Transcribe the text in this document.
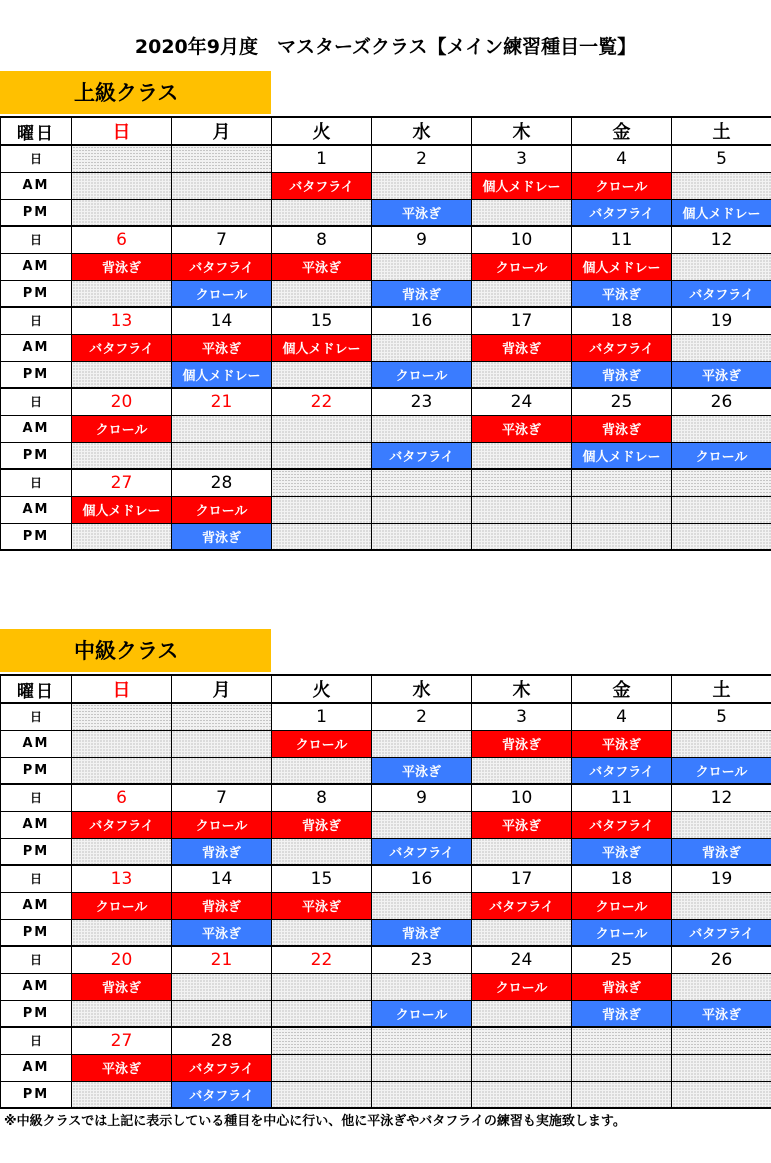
2020年9月度　マスターズクラス【メイン練習種目一覧】
上級クラス
曜日	日	月	火	水	木	金	土
日			1	2	3	4	5
AM			バタフライ		個人メドレー	クロール	
PM				平泳ぎ		バタフライ	個人メドレー
日	6	7	8	9	10	11	12
AM	背泳ぎ	バタフライ	平泳ぎ		クロール	個人メドレー	
PM		クロール		背泳ぎ		平泳ぎ	バタフライ
日	13	14	15	16	17	18	19
AM	バタフライ	平泳ぎ	個人メドレー		背泳ぎ	バタフライ	
PM		個人メドレー		クロール		背泳ぎ	平泳ぎ
日	20	21	22	23	24	25	26
AM	クロール				平泳ぎ	背泳ぎ	
PM				バタフライ		個人メドレー	クロール
日	27	28					
AM	個人メドレー	クロール					
PM		背泳ぎ					
中級クラス
曜日	日	月	火	水	木	金	土
日			1	2	3	4	5
AM			クロール		背泳ぎ	平泳ぎ	
PM				平泳ぎ		バタフライ	クロール
日	6	7	8	9	10	11	12
AM	バタフライ	クロール	背泳ぎ		平泳ぎ	バタフライ	
PM		背泳ぎ		バタフライ		平泳ぎ	背泳ぎ
日	13	14	15	16	17	18	19
AM	クロール	背泳ぎ	平泳ぎ		バタフライ	クロール	
PM		平泳ぎ		背泳ぎ		クロール	バタフライ
日	20	21	22	23	24	25	26
AM	背泳ぎ				クロール	背泳ぎ	
PM				クロール		背泳ぎ	平泳ぎ
日	27	28					
AM	平泳ぎ	バタフライ					
PM		バタフライ					
※中級クラスでは上記に表示している種目を中心に行い、他に平泳ぎやバタフライの練習も実施致します。
